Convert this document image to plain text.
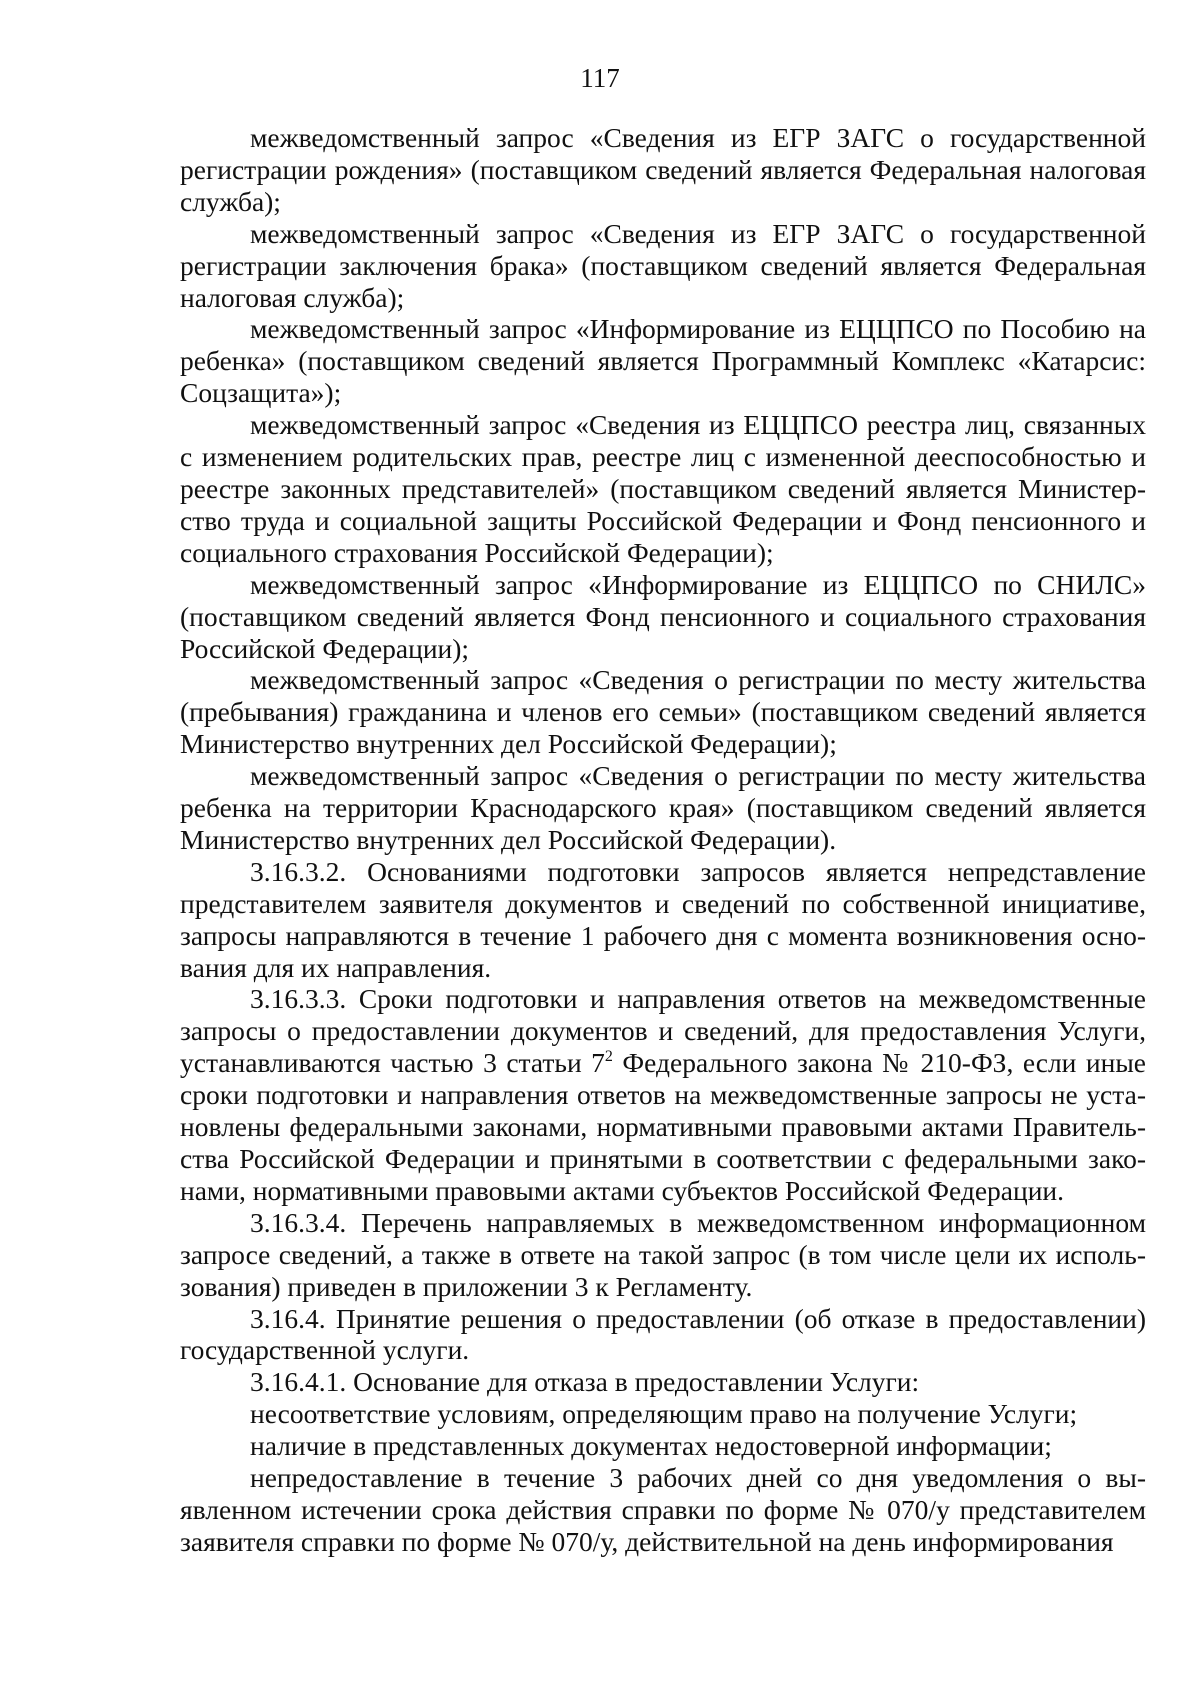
117

межведомственный запрос «Сведения из ЕГР ЗАГС о государственной регистрации рождения» (поставщиком сведений является Федеральная налоговая служба);

межведомственный запрос «Сведения из ЕГР ЗАГС о государственной регистрации заключения брака» (поставщиком сведений является Федеральная налоговая служба);

межведомственный запрос «Информирование из ЕЦЦПСО по Пособию на ребенка» (поставщиком сведений является Программный Комплекс «Катарсис: Соцзащита»);

межведомственный запрос «Сведения из ЕЦЦПСО реестра лиц, связанных с изменением родительских прав, реестре лиц с измененной дееспособностью и реестре законных представителей» (поставщиком сведений является Министерство труда и социальной защиты Российской Федерации и Фонд пенсионного и социального страхования Российской Федерации);

межведомственный запрос «Информирование из ЕЦЦПСО по СНИЛС» (поставщиком сведений является Фонд пенсионного и социального страхования Российской Федерации);

межведомственный запрос «Сведения о регистрации по месту жительства (пребывания) гражданина и членов его семьи» (поставщиком сведений является Министерство внутренних дел Российской Федерации);

межведомственный запрос «Сведения о регистрации по месту жительства ребенка на территории Краснодарского края» (поставщиком сведений является Министерство внутренних дел Российской Федерации).

3.16.3.2. Основаниями подготовки запросов является непредставление представителем заявителя документов и сведений по собственной инициативе, запросы направляются в течение 1 рабочего дня с момента возникновения основания для их направления.

3.16.3.3. Сроки подготовки и направления ответов на межведомственные запросы о предоставлении документов и сведений, для предоставления Услуги, устанавливаются частью 3 статьи $7^2$ Федерального закона № 210-ФЗ, если иные сроки подготовки и направления ответов на межведомственные запросы не установлены федеральными законами, нормативными правовыми актами Правительства Российской Федерации и принятыми в соответствии с федеральными законами, нормативными правовыми актами субъектов Российской Федерации.

3.16.3.4. Перечень направляемых в межведомственном информационном запросе сведений, а также в ответе на такой запрос (в том числе цели их использования) приведен в приложении 3 к Регламенту.

3.16.4. Принятие решения о предоставлении (об отказе в предоставлении) государственной услуги.

3.16.4.1. Основание для отказа в предоставлении Услуги:

несоответствие условиям, определяющим право на получение Услуги;

наличие в представленных документах недостоверной информации;

непредоставление в течение 3 рабочих дней со дня уведомления о выявленном истечении срока действия справки по форме № 070/у представителем заявителя справки по форме № 070/у, действительной на день информирования
